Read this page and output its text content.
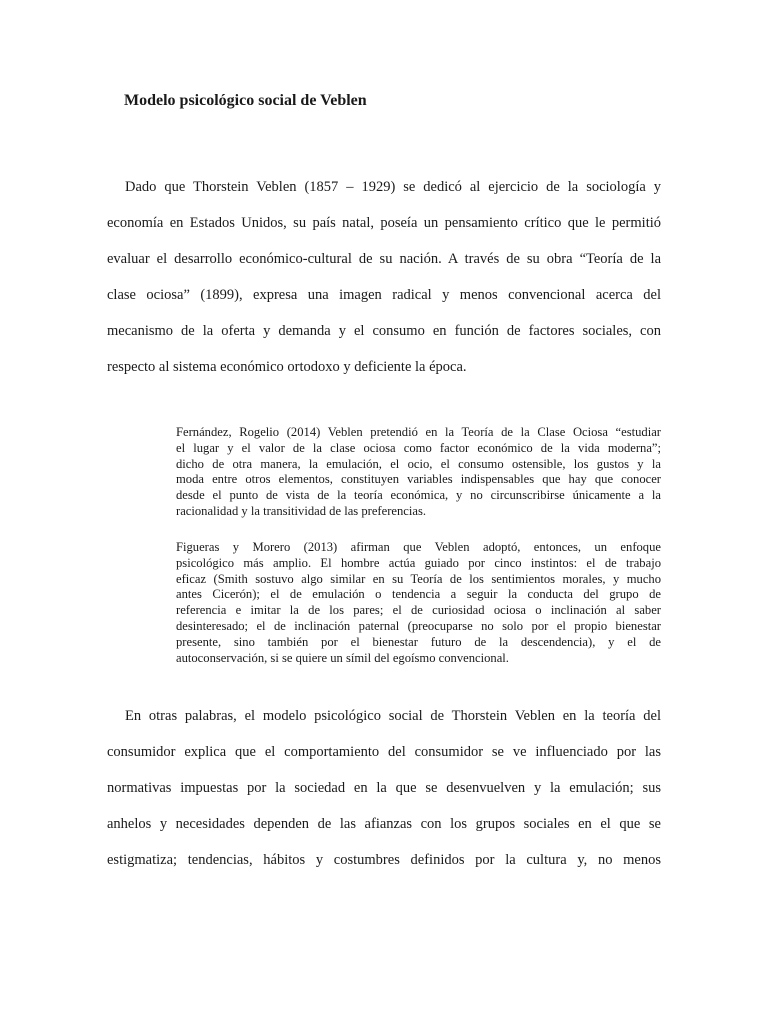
Modelo psicológico social de Veblen
Dado que Thorstein Veblen (1857 – 1929) se dedicó al ejercicio de la sociología y
economía en Estados Unidos, su país natal, poseía un pensamiento crítico que le permitió
evaluar el desarrollo económico-cultural de su nación. A través de su obra “Teoría de la
clase ociosa” (1899), expresa una imagen radical y menos convencional acerca del
mecanismo de la oferta y demanda y el consumo en función de factores sociales, con
respecto al sistema económico ortodoxo y deficiente la época.
Fernández, Rogelio (2014) Veblen pretendió en la Teoría de la Clase Ociosa “estudiar
el lugar y el valor de la clase ociosa como factor económico de la vida moderna”;
dicho de otra manera, la emulación, el ocio, el consumo ostensible, los gustos y la
moda entre otros elementos, constituyen variables indispensables que hay que conocer
desde el punto de vista de la teoría económica, y no circunscribirse únicamente a la
racionalidad y la transitividad de las preferencias.
Figueras y Morero (2013) afirman que Veblen adoptó, entonces, un enfoque
psicológico más amplio. El hombre actúa guiado por cinco instintos: el de trabajo
eficaz (Smith sostuvo algo similar en su Teoría de los sentimientos morales, y mucho
antes Cicerón); el de emulación o tendencia a seguir la conducta del grupo de
referencia e imitar la de los pares; el de curiosidad ociosa o inclinación al saber
desinteresado; el de inclinación paternal (preocuparse no solo por el propio bienestar
presente, sino también por el bienestar futuro de la descendencia), y el de
autoconservación, si se quiere un símil del egoísmo convencional.
En otras palabras, el modelo psicológico social de Thorstein Veblen en la teoría del
consumidor explica que el comportamiento del consumidor se ve influenciado por las
normativas impuestas por la sociedad en la que se desenvuelven y la emulación; sus
anhelos y necesidades dependen de las afianzas con los grupos sociales en el que se
estigmatiza; tendencias, hábitos y costumbres definidos por la cultura y, no menos
